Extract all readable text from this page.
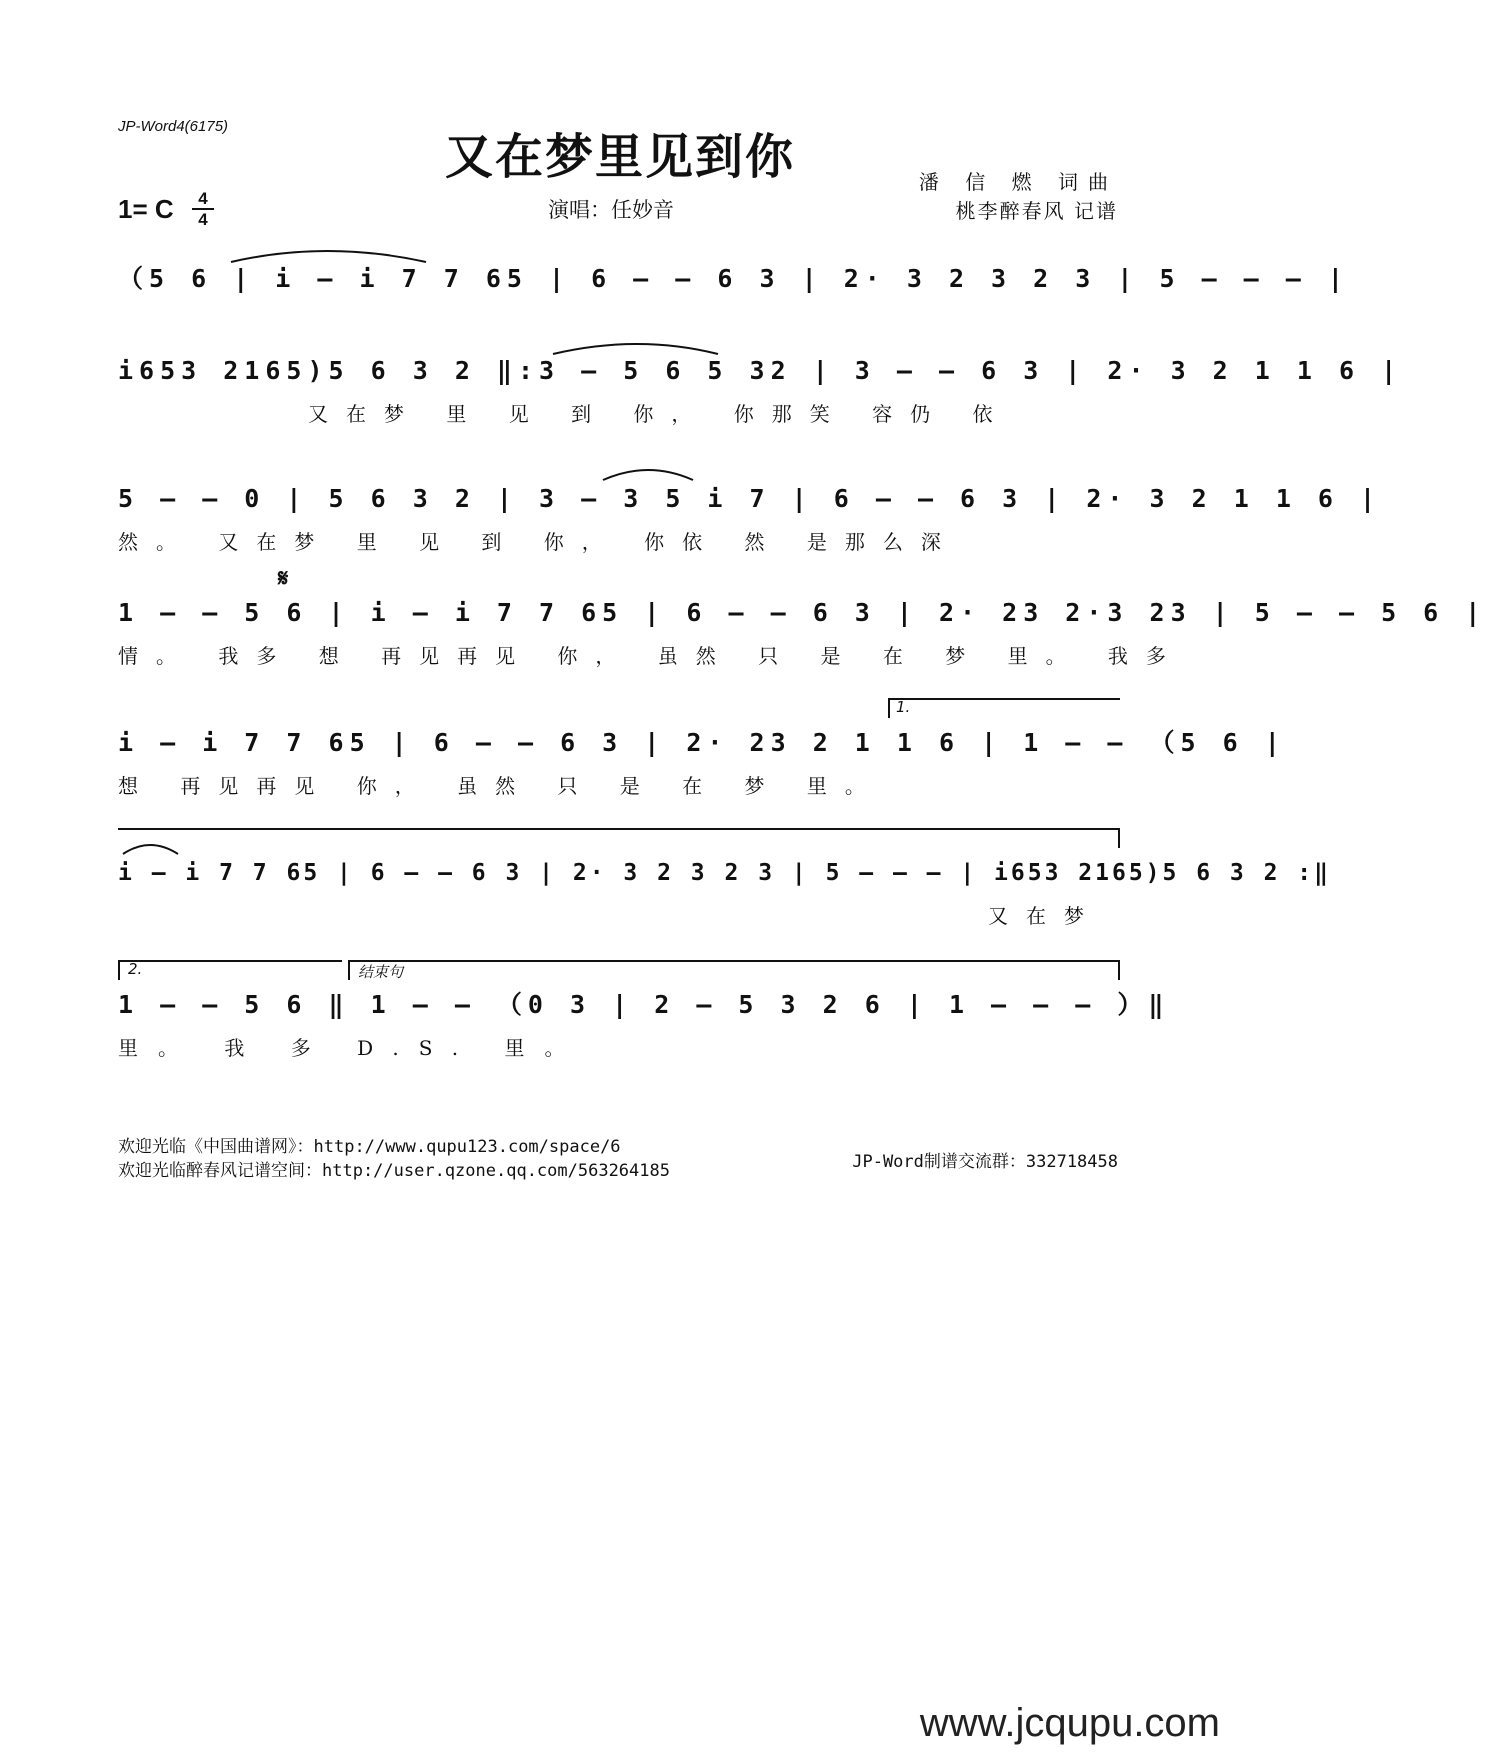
JP-Word4(6175)
又在梦里见到你	潘 信 燃 词曲
桃李醉春风 记谱
演唱：任妙音
1= C	4
4
（5 6 | i – i 7 7 65 | 6 – – 6 3 | 2· 3 2 3 2 3 | 5 – – – |
i653 2165)5 6 3 2 ‖:3 – 5 6 5 32 | 3 – – 6 3 | 2· 3 2 1 1 6 |
又在梦 里 见 到 你， 你那笑 容仍 依
5 – – 0 | 5 6 3 2 | 3 – 3 5 i 7 | 6 – – 6 3 | 2· 3 2 1 1 6 |
然。 又在梦 里 见 到 你， 你依 然 是那么深
𝄋
1 – – 5 6 | i – i 7 7 65 | 6 – – 6 3 | 2· 23 2·3 23 | 5 – – 5 6 |
情。 我多 想 再见再见 你， 虽然 只 是 在 梦 里。 我多
i – i 7 7 65 | 6 – – 6 3 | 2· 23 2 1 1 6 | 1 – – （5 6 |
想 再见再见 你， 虽然 只 是 在 梦 里。
1.
i – i 7 7 65 | 6 – – 6 3 | 2· 3 2 3 2 3 | 5 – – – | i653 2165)5 6 3 2 :‖
又在梦
2.	结束句
1 – – 5 6 ‖ 1 – – （0 3 | 2 – 5 3 2 6 | 1 – – – ）‖
里。 我 多 D.S. 里。
欢迎光临《中国曲谱网》：http://www.qupu123.com/space/6
欢迎光临醉春风记谱空间：http://user.qzone.qq.com/563264185	JP-Word制谱交流群：332718458
www.jcqupu.com
